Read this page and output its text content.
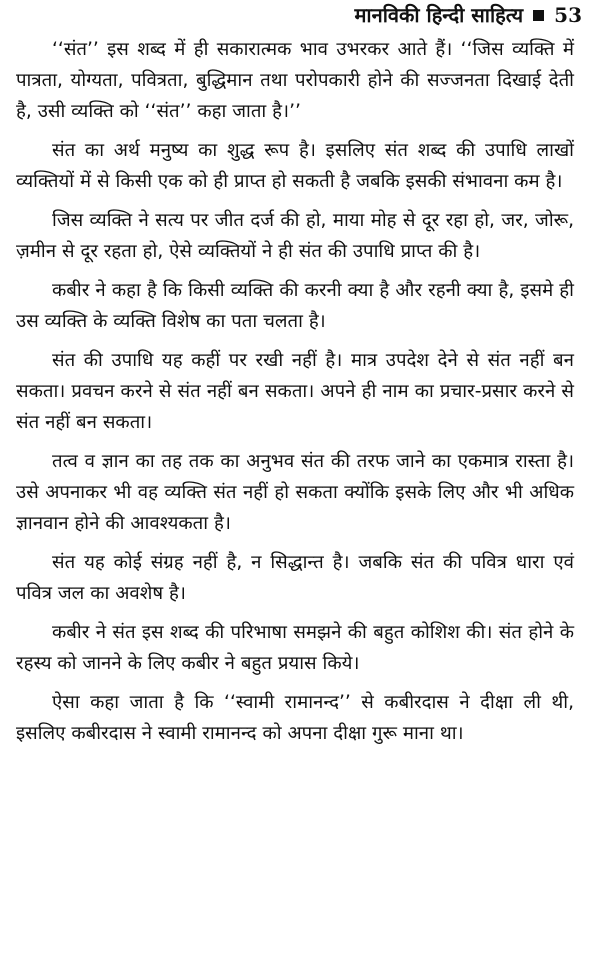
मानविकी हिन्दी साहित्य 53

‘‘संत’’ इस शब्द में ही सकारात्मक भाव उभरकर आते हैं। ‘‘जिस व्यक्ति में पात्रता, योग्यता, पवित्रता, बुद्धिमान तथा परोपकारी होने की सज्जनता दिखाई देती है, उसी व्यक्ति को ‘‘संत’’ कहा जाता है।’’

संत का अर्थ मनुष्य का शुद्ध रूप है। इसलिए संत शब्द की उपाधि लाखों व्यक्तियों में से किसी एक को ही प्राप्त हो सकती है जबकि इसकी संभावना कम है।

जिस व्यक्ति ने सत्य पर जीत दर्ज की हो, माया मोह से दूर रहा हो, जर, जोरू, ज़मीन से दूर रहता हो, ऐसे व्यक्तियों ने ही संत की उपाधि प्राप्त की है।

कबीर ने कहा है कि किसी व्यक्ति की करनी क्या है और रहनी क्या है, इसमे ही उस व्यक्ति के व्यक्ति विशेष का पता चलता है।

संत की उपाधि यह कहीं पर रखी नहीं है। मात्र उपदेश देने से संत नहीं बन सकता। प्रवचन करने से संत नहीं बन सकता। अपने ही नाम का प्रचार-प्रसार करने से संत नहीं बन सकता।

तत्व व ज्ञान का तह तक का अनुभव संत की तरफ जाने का एकमात्र रास्ता है। उसे अपनाकर भी वह व्यक्ति संत नहीं हो सकता क्योंकि इसके लिए और भी अधिक ज्ञानवान होने की आवश्यकता है।

संत यह कोई संग्रह नहीं है, न सिद्धान्त है। जबकि संत की पवित्र धारा एवं पवित्र जल का अवशेष है।

कबीर ने संत इस शब्द की परिभाषा समझने की बहुत कोशिश की। संत होने के रहस्य को जानने के लिए कबीर ने बहुत प्रयास किये।

ऐसा कहा जाता है कि ‘‘स्वामी रामानन्द’’ से कबीरदास ने दीक्षा ली थी, इसलिए कबीरदास ने स्वामी रामानन्द को अपना दीक्षा गुरू माना था।
